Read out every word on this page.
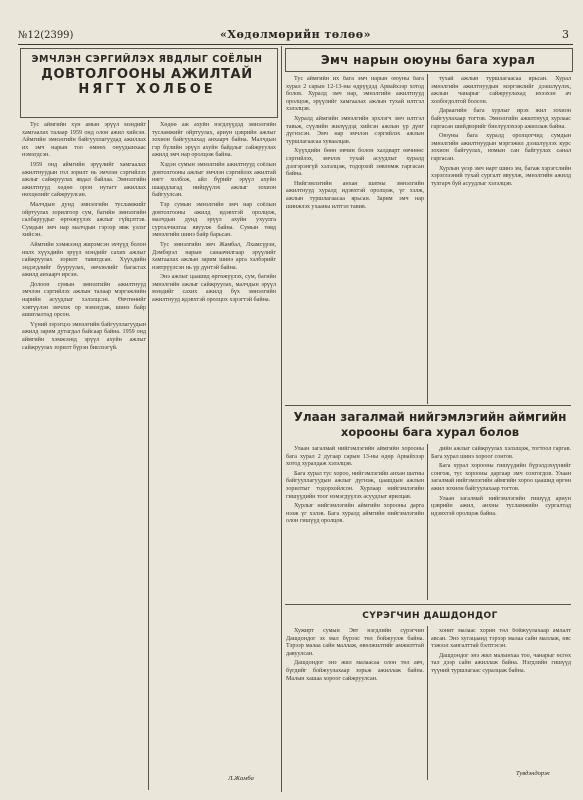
№12(2399)	«Хөдөлмөрийн төлөө»	3
ЭМЧЛЭН СЭРГИЙЛЭХ ЯВДЛЫГ СОЁЛЫН
ДОВТОЛГООНЫ АЖИЛТАЙ
НЯГТ ХОЛБОЕ

Тус аймгийн хүн амын эрүүл мэндийг хамгаалах талаар 1959 онд олон ажил хийсэн. Аймгийн эмнэлгийн байгууллагуудад ажиллах их эмч нарын тоо өмнөх онуудынхаас нэмэгдсэн.

1959 онд аймгийн эрүүлийг хамгаалах ажилтнуудын гол зорилт нь эмчлэн сэргийлэх ажлыг сайжруулах явдал байлаа. Эмнэлгийн ажилтнууд хөдөө орон нутагт ажиллах нөхцөлийг сайжруулсан.

Малчдын дунд эмнэлгийн тусламжийг ойртуулах зорилгоор сум, багийн эмнэлгийн салбаруудыг өргөжүүлэх ажлыг гүйцэтгэв. Сумдын эмч нар малчдын гэрээр явж үзлэг хийсэн.

Аймгийн хэмжээнд жирэмсэн эхчүүд болон нялх хүүхдийн эрүүл мэндийг сахих ажлыг сайжруулах зорилт тавигдсан. Хүүхдийн эндэгдлийг бууруулах, өвчлөлийг багасгах ажилд анхаарч ирсэн.

Долоон сумын эмнэлгийн ажилтнууд эмчлэн сэргийлэх ажлын талаар мэргэжлийн нарийн асуудлыг хэлэлцсэн. Өвчтөнийг хэвтүүлэн эмчлэх ор нэмэгдэж, шинэ байр ашиглалтад орсон.

Үүний зэрэгцээ эмнэлгийн байгууллагуудын ажилд зарим дутагдал байсаар байна. 1959 онд аймгийн хэмжээнд эрүүл ахуйн ажлыг сайжруулах зорилт бүрэн биелээгүй.

Хөдөө аж ахуйн нэгдлүүдэд эмнэлгийн тусламжийг ойртуулах, ариун цэврийн ажлыг зохион байгуулахад анхаарч байна. Малчдын гэр бүлийн эрүүл ахуйн байдлыг сайжруулах ажилд эмч нар оролцож байна.

Хэдэн сумын эмнэлгийн ажилтнууд соёлын довтолгооны ажлыг эмчлэн сэргийлэх ажилтай нягт холбож, айл бүрийг эрүүл ахуйн шаардлагад нийцүүлэх ажлыг зохион байгуулсан.

Тэр сумын эмнэлгийн эмч нар соёлын довтолгооны ажилд идэвхтэй оролцож, малчдын дунд эрүүл ахуйн ухуулга сурталчилгаа явуулж байна. Сумын төвд эмнэлгийн шинэ байр барьсан.

Тус эмнэлгийн эмч Жамбал, Лхамсүрэн, Дэмбэрэл нарын санаачилгаар эрүүлийг хамгаалах ажлын зарим шинэ арга хэлбэрийг нэвтрүүлсэн нь үр дүнтэй байна.

Энэ ажлыг цаашид өргөжүүлэх, сум, багийн эмнэлгийн ажлыг сайжруулах, малчдын эрүүл мэндийг сахих ажилд бүх эмнэлгийн ажилтнууд идэвхтэй оролцох хэрэгтэй байна.

Л.Жамба
Эмч нарын оюуны бага хурал

Тус аймгийн их бага эмч нарын оюуны бага хурал 2 сарын 12-13-ны өдрүүдэд Арвайхээр хотод болов. Хуралд эмч нар, эмнэлгийн ажилтнууд оролцож, эрүүлийг хамгаалах ажлын тухай илтгэл хэлэлцэв.

Хуралд аймгийн эмнэлгийн эрхлэгч эмч илтгэл тавьж, сүүлийн жилүүдэд хийсэн ажлын үр дүнг дүгнэсэн. Эмч нар эмчлэн сэргийлэх ажлын туршлагаасаа хуваалцав.

Хүүхдийн бөөн өвчин болон халдварт өвчнөөс сэргийлэх, эмчлэх тухай асуудлыг хуралд дэлгэрэнгүй хэлэлцэж, тодорхой зөвлөмж гаргасан байна.

Нийгэмлэгийн анхан шатны эмнэлгийн ажилтнууд хуралд идэвхтэй оролцож, үг хэлж, ажлын туршлагаасаа ярьсан. Зарим эмч нар шинжлэх ухааны илтгэл тавив.

тухай ажлын туршлагаасаа ярьсан. Хурал эмнэлгийн ажилтнуудын мэргэжлийг дээшлүүлэх, ажлын чанарыг сайжруулахад ихээхэн ач холбогдолтой болсон.

Дараагийн бага хурлыг ирэх жил зохион байгуулахаар тогтов. Эмнэлгийн ажилтнууд хурлаас гаргасан шийдвэрийг биелүүлэхээр ажиллаж байна.

Оюуны бага хуралд оролцогчид сумдын эмнэлгийн ажилтнуудын мэргэжил дээшлүүлэх курс зохион байгуулах, номын сан байгуулах санал гаргасан.

Хурлын үеэр эмч нарт шинэ эм, багаж хэрэгслийн хэрэглээний тухай сургалт явуулж, эмнэлгийн ажилд тулгарч буй асуудлыг хэлэлцэв.

Улаан загалмай нийгэмлэгийн аймгийн
хорооны бага хурал болов

Улаан загалмай нийгэмлэгийн аймгийн хорооны бага хурал 2 дугаар сарын 13-ны өдөр Арвайхээр хотод хуралдаж хэлэлцэв.

Бага хурал тус хороо, нийгэмлэгийн анхан шатны байгууллагуудын ажлыг дүгнэж, цаашдын ажлын зорилтыг тодорхойлсон. Хурлаар нийгэмлэгийн гишүүдийн тоог нэмэгдүүлэх асуудлыг ярилцав.

Хурлыг нийгэмлэгийн аймгийн хорооны дарга нээж үг хэлэв. Бага хуралд аймгийн нийгэмлэгийн олон гишүүд оролцов.

дийн ажлыг сайжруулах хэлэлцэж, тогтоол гаргав. Бага хурал шинэ хороог сонгов.

Бага хурал хорооны гишүүдийн бүрэлдэхүүнийг сонгож, тус хорооны даргаар эмч сонгогдов. Улаан загалмай нийгэмлэгийн аймгийн хороо цаашид өргөн ажил зохион байгуулахаар тогтов.

Улаан загалмай нийгэмлэгийн гишүүд ариун цэврийн ажил, анхны тусламжийн сургалтад идэвхтэй оролцож байна.

СҮРЭГЧИН ДАШДОНДОГ

Хужирт сумын Эвт нэгдлийн сүрэгчин Дашдондог эх мал бүрээс төл бойжуулж байна. Тэрээр малаа сайн маллаж, өвөлжилтийг амжилттай давуулсан.

Дашдондог энэ жил малаасаа олон төл авч, бүгдийг бойжуулахаар зорьж ажиллаж байна. Малын хашаа хороог сайжруулсан.

хонит малаас хорин төл бойжуулахаар амлалт авсан. Энэ хугацаанд тэрээр малаа сайн маллаж, өвс тэжээл хангалттай бэлтгэсэн.

Дашдондог энэ жил малынхаа тоо, чанарыг өсгөх тал дээр сайн ажиллаж байна. Нэгдлийн гишүүд түүний туршлагаас суралцаж байна.

Тувдэндорж
